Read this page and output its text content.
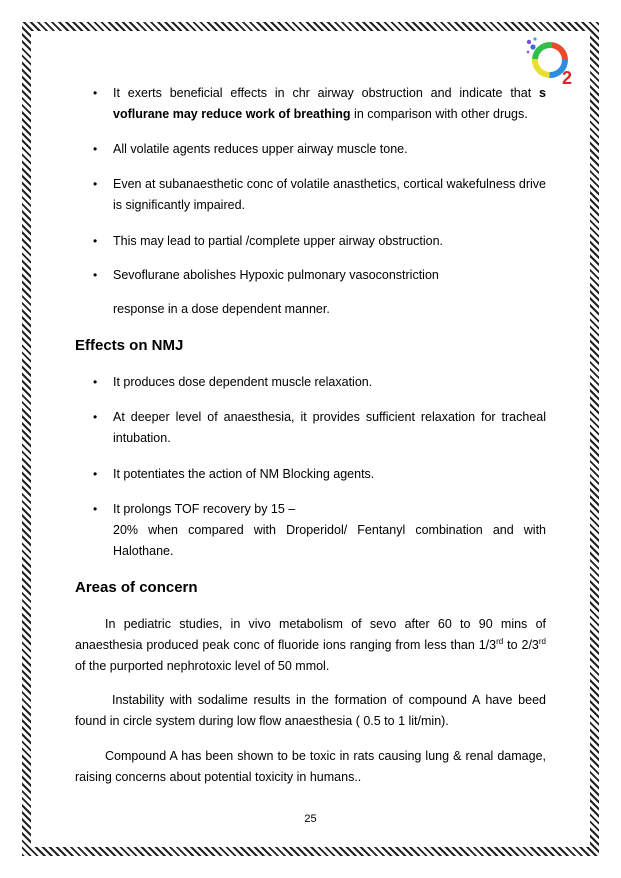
2
•	It exerts beneficial effects in chr airway obstruction and indicate that s voflurane may reduce work of breathing in comparison with other drugs.
•	All volatile agents reduces upper airway muscle tone.
•	Even at subanaesthetic conc of volatile anasthetics, cortical wakefulness drive is significantly impaired.
•	This may lead to partial /complete upper airway obstruction.
•	Sevoflurane abolishes Hypoxic pulmonary vasoconstriction
response in a dose dependent manner.
Effects on NMJ
•	It produces dose dependent muscle relaxation.
•	At deeper level of anaesthesia, it provides sufficient relaxation for tracheal intubation.
•	It potentiates the action of NM Blocking agents.
•	It prolongs TOF recovery by 15 –
20% when compared with Droperidol/ Fentanyl combination and with
Halothane.
Areas of concern
In pediatric studies, in vivo metabolism of sevo after 60 to 90 mins of anaesthesia produced peak conc of fluoride ions ranging from less than 1/3rd to 2/3rd of the purported nephrotoxic level of 50 mmol.
Instability with sodalime results in the formation of compound A have beed found in circle system during low flow anaesthesia ( 0.5 to 1 lit/min).
Compound A has been shown to be toxic in rats causing lung & renal damage, raising concerns about potential toxicity in humans..
25
